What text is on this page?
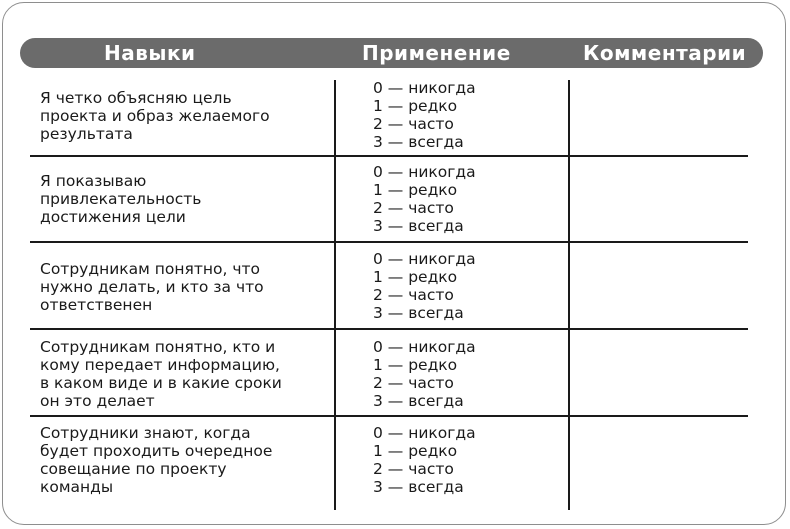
Навыки	Применение	Комментарии
Я четко объясняю цель
проекта и образ желаемого
результата
0 — никогда
1 — редко
2 — часто
3 — всегда
Я показываю
привлекательность
достижения цели
0 — никогда
1 — редко
2 — часто
3 — всегда
Сотрудникам понятно, что
нужно делать, и кто за что
ответственен
0 — никогда
1 — редко
2 — часто
3 — всегда
Сотрудникам понятно, кто и
кому передает информацию,
в каком виде и в какие сроки
он это делает
0 — никогда
1 — редко
2 — часто
3 — всегда
Сотрудники знают, когда
будет проходить очередное
совещание по проекту
команды
0 — никогда
1 — редко
2 — часто
3 — всегда
